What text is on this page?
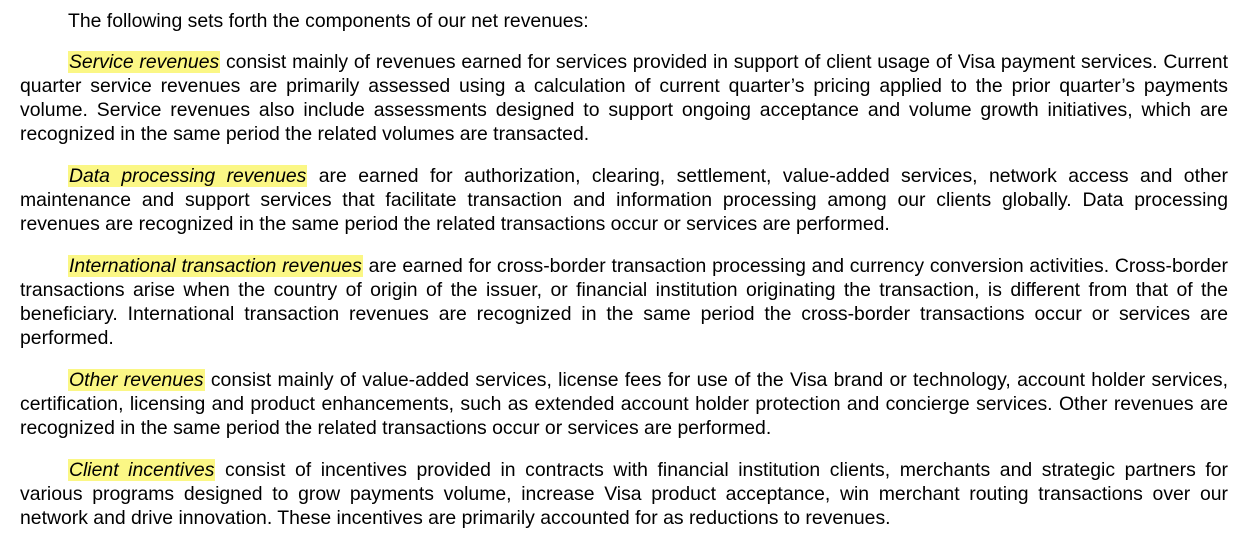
The following sets forth the components of our net revenues:

Service revenues consist mainly of revenues earned for services provided in support of client usage of Visa payment services. Current quarter service revenues are primarily assessed using a calculation of current quarter’s pricing applied to the prior quarter’s payments volume. Service revenues also include assessments designed to support ongoing acceptance and volume growth initiatives, which are recognized in the same period the related volumes are transacted.

Data processing revenues are earned for authorization, clearing, settlement, value-added services, network access and other maintenance and support services that facilitate transaction and information processing among our clients globally. Data processing revenues are recognized in the same period the related transactions occur or services are performed.

International transaction revenues are earned for cross-border transaction processing and currency conversion activities. Cross-border transactions arise when the country of origin of the issuer, or financial institution originating the transaction, is different from that of the beneficiary. International transaction revenues are recognized in the same period the cross-border transactions occur or services are performed.

Other revenues consist mainly of value-added services, license fees for use of the Visa brand or technology, account holder services, certification, licensing and product enhancements, such as extended account holder protection and concierge services. Other revenues are recognized in the same period the related transactions occur or services are performed.

Client incentives consist of incentives provided in contracts with financial institution clients, merchants and strategic partners for various programs designed to grow payments volume, increase Visa product acceptance, win merchant routing transactions over our network and drive innovation. These incentives are primarily accounted for as reductions to revenues.
